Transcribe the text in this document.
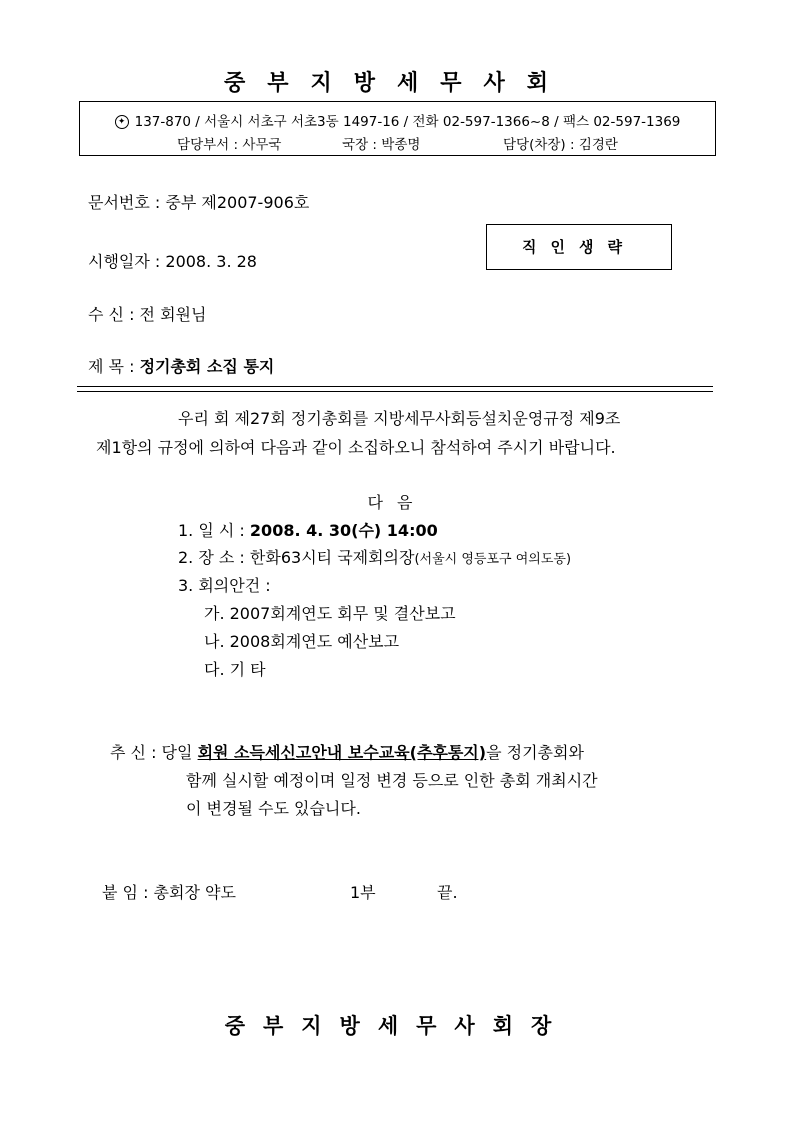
중부지방세무사회
✦ 137-870 / 서울시 서초구 서초3동 1497-16 / 전화 02-597-1366~8 / 팩스 02-597-1369
담당부서 : 사무국	국장 : 박종명	담당(차장) : 김경란
문서번호 : 중부 제2007-906호
시행일자 : 2008. 3. 28
직인생략
수 신 : 전 회원님
제 목 : 정기총회 소집 통지
우리 회 제27회 정기총회를 지방세무사회등설치운영규정 제9조
제1항의 규정에 의하여 다음과 같이 소집하오니 참석하여 주시기 바랍니다.
다음
1. 일 시 : 2008. 4. 30(수) 14:00
2. 장 소 : 한화63시티 국제회의장(서울시 영등포구 여의도동)
3. 회의안건 :
가. 2007회계연도 회무 및 결산보고
나. 2008회계연도 예산보고
다. 기 타
추 신 : 당일 회원 소득세신고안내 보수교육(추후통지)을 정기총회와
함께 실시할 예정이며 일정 변경 등으로 인한 총회 개최시간
이 변경될 수도 있습니다.
붙 임 : 총회장 약도	1부	끝.
중부지방세무사회장
